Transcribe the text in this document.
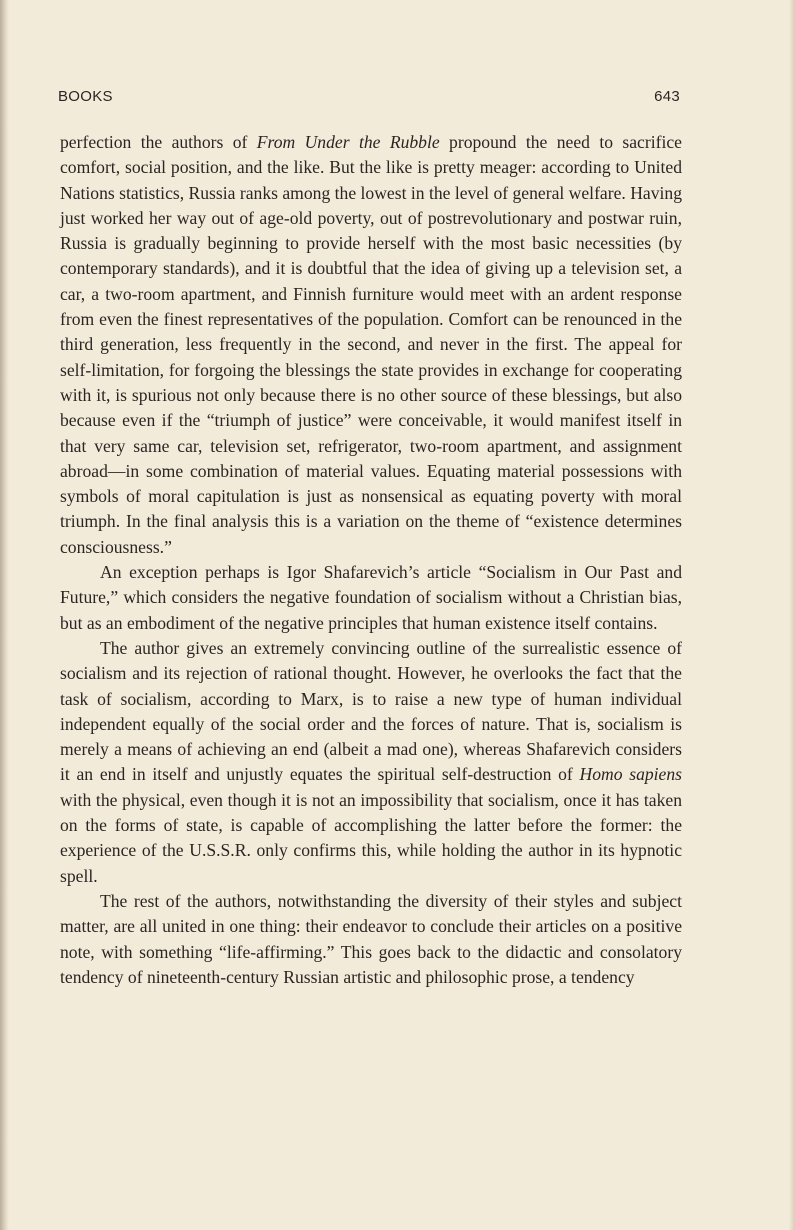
BOOKS	643

perfection the authors of From Under the Rubble propound the need to sacrifice comfort, social position, and the like. But the like is pretty meager: according to United Nations statistics, Russia ranks among the lowest in the level of general welfare. Having just worked her way out of age-old poverty, out of postrevolutionary and postwar ruin, Russia is gradually beginning to provide herself with the most basic necessities (by contemporary standards), and it is doubtful that the idea of giving up a television set, a car, a two-room apartment, and Finnish furniture would meet with an ardent response from even the finest representatives of the population. Comfort can be renounced in the third generation, less frequently in the second, and never in the first. The appeal for self-limitation, for forgoing the blessings the state provides in exchange for cooperating with it, is spurious not only because there is no other source of these blessings, but also because even if the “triumph of justice” were conceivable, it would manifest itself in that very same car, television set, refrigerator, two-room apartment, and assignment abroad—in some combination of material values. Equating material possessions with symbols of moral capitulation is just as nonsensical as equating poverty with moral triumph. In the final analysis this is a variation on the theme of “existence determines consciousness.”

An exception perhaps is Igor Shafarevich’s article “Socialism in Our Past and Future,” which considers the negative foundation of socialism without a Christian bias, but as an embodiment of the negative principles that human existence itself contains.

The author gives an extremely convincing outline of the surrealistic essence of socialism and its rejection of rational thought. However, he overlooks the fact that the task of socialism, according to Marx, is to raise a new type of human individual independent equally of the social order and the forces of nature. That is, socialism is merely a means of achieving an end (albeit a mad one), whereas Shafarevich considers it an end in itself and unjustly equates the spiritual self-destruction of Homo sapiens with the physical, even though it is not an impossibility that socialism, once it has taken on the forms of state, is capable of accomplishing the latter before the former: the experience of the U.S.S.R. only confirms this, while holding the author in its hypnotic spell.

The rest of the authors, notwithstanding the diversity of their styles and subject matter, are all united in one thing: their endeavor to conclude their articles on a positive note, with something “life-affirming.” This goes back to the didactic and consolatory tendency of nineteenth-century Russian artistic and philosophic prose, a tendency
